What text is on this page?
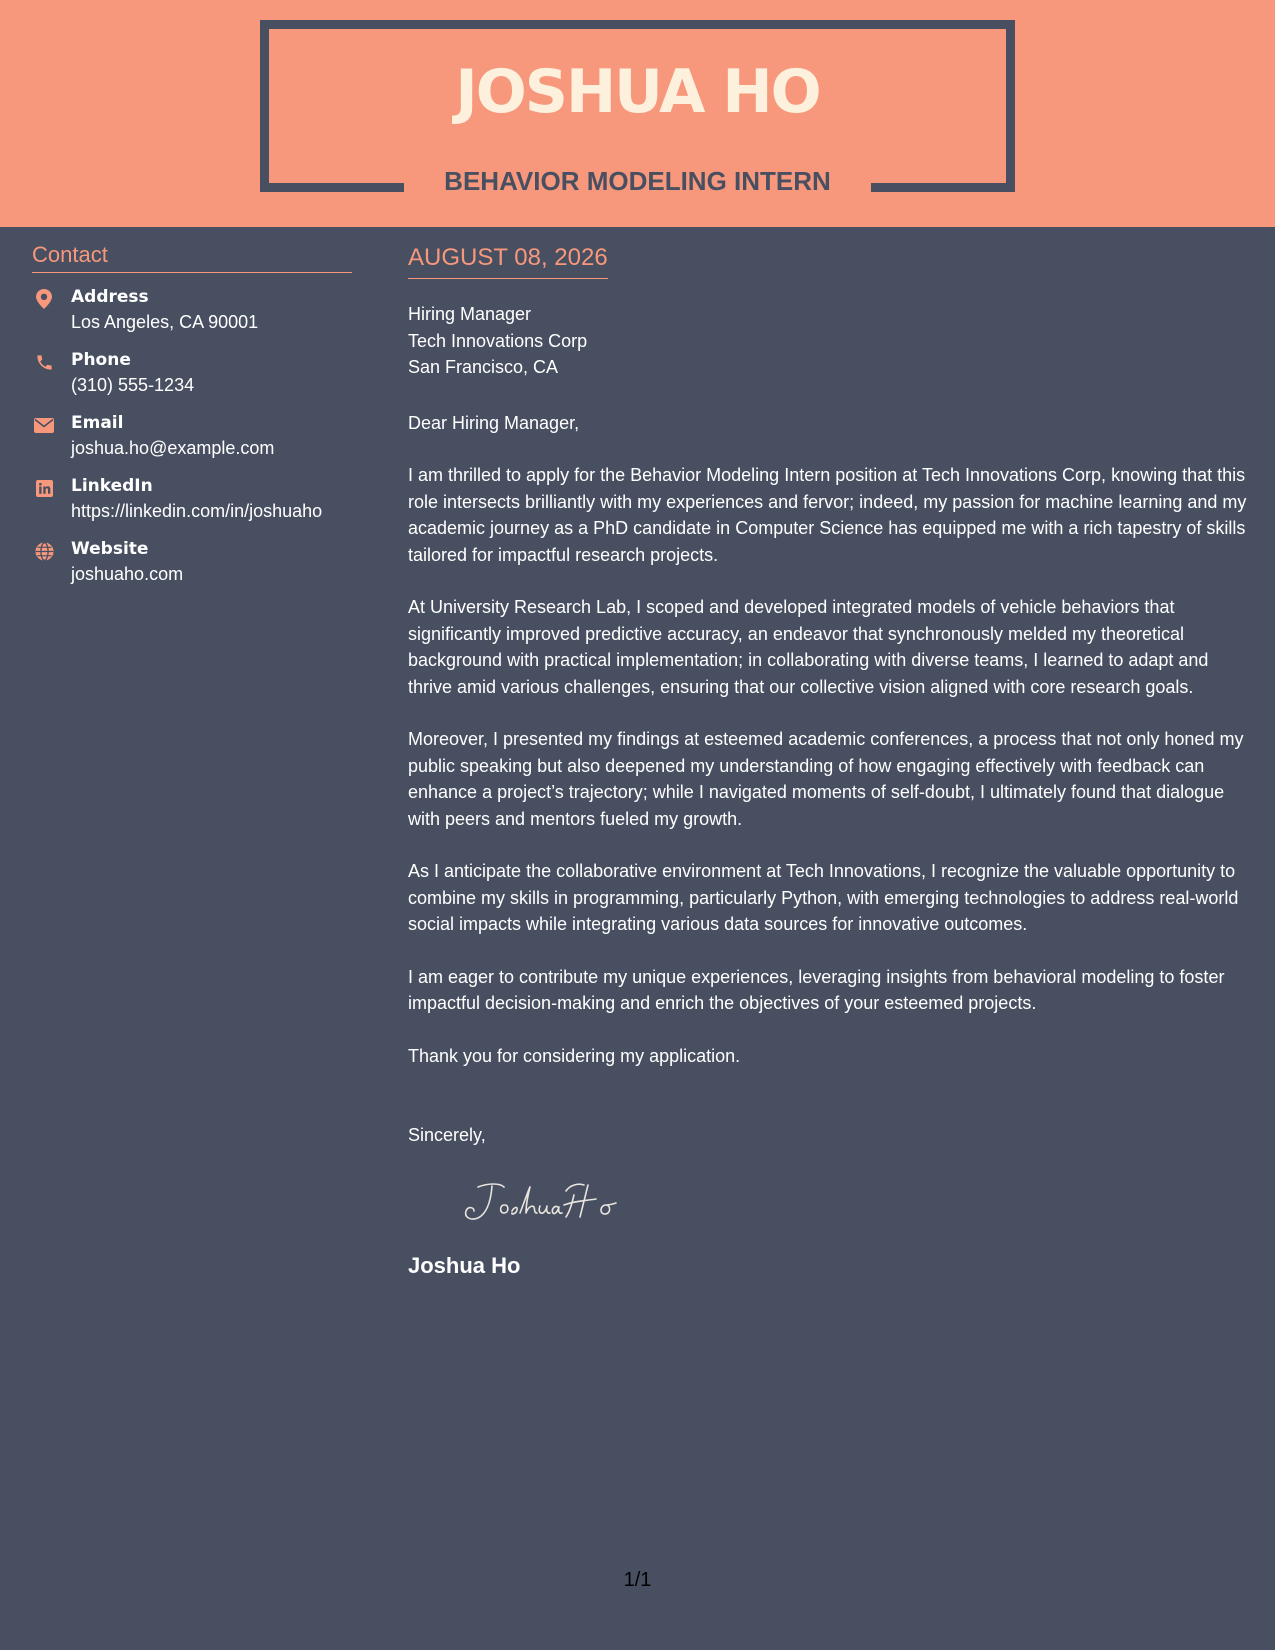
JOSHUA HO
BEHAVIOR MODELING INTERN
Contact
Address
Los Angeles, CA 90001
Phone
(310) 555-1234
Email
joshua.ho@example.com
LinkedIn
https://linkedin.com/in/joshuaho
Website
joshuaho.com
AUGUST 08, 2026
Hiring Manager
Tech Innovations Corp
San Francisco, CA
Dear Hiring Manager,

I am thrilled to apply for the Behavior Modeling Intern position at Tech Innovations Corp, knowing that this role intersects brilliantly with my experiences and fervor; indeed, my passion for machine learning and my academic journey as a PhD candidate in Computer Science has equipped me with a rich tapestry of skills tailored for impactful research projects.

At University Research Lab, I scoped and developed integrated models of vehicle behaviors that significantly improved predictive accuracy, an endeavor that synchronously melded my theoretical background with practical implementation; in collaborating with diverse teams, I learned to adapt and thrive amid various challenges, ensuring that our collective vision aligned with core research goals.

Moreover, I presented my findings at esteemed academic conferences, a process that not only honed my public speaking but also deepened my understanding of how engaging effectively with feedback can enhance a project’s trajectory; while I navigated moments of self-doubt, I ultimately found that dialogue with peers and mentors fueled my growth.

As I anticipate the collaborative environment at Tech Innovations, I recognize the valuable opportunity to combine my skills in programming, particularly Python, with emerging technologies to address real-world social impacts while integrating various data sources for innovative outcomes.

I am eager to contribute my unique experiences, leveraging insights from behavioral modeling to foster impactful decision-making and enrich the objectives of your esteemed projects.

Thank you for considering my application.

Sincerely,
Joshua Ho
1/1
